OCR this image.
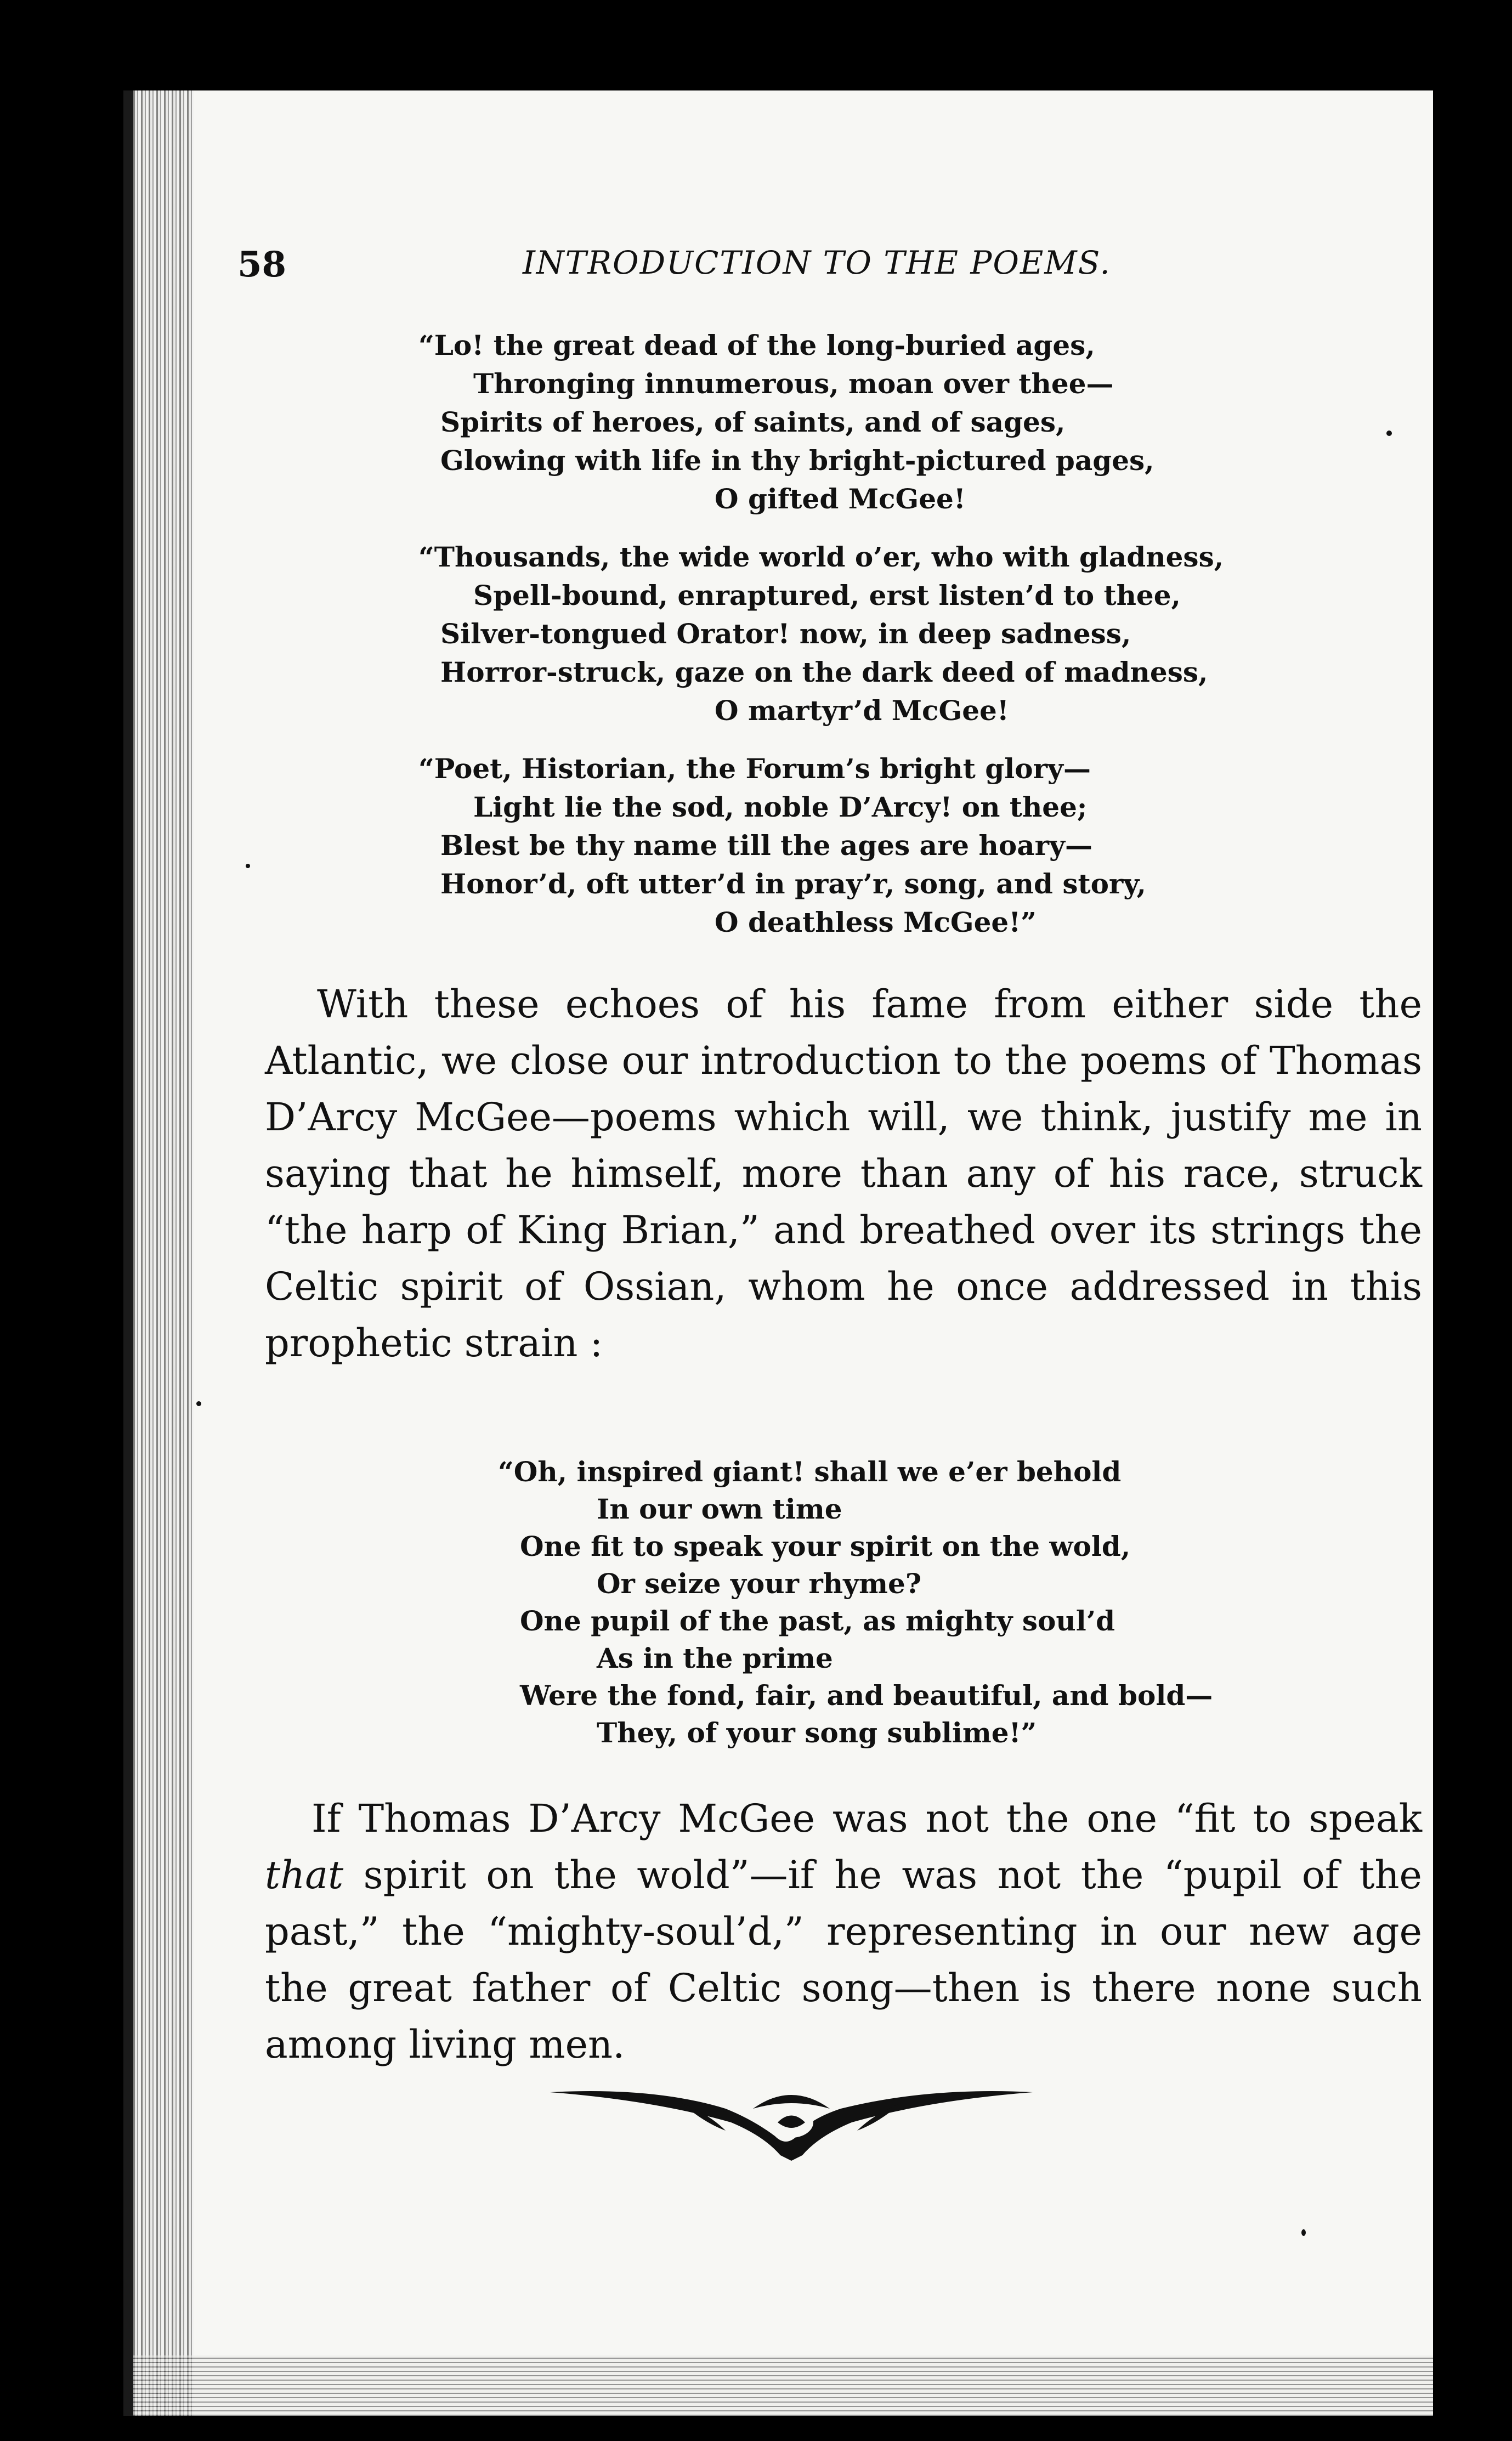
58	INTRODUCTION TO THE POEMS.
“Lo! the great dead of the long-buried ages,
Thronging innumerous, moan over thee—
Spirits of heroes, of saints, and of sages,
Glowing with life in thy bright-pictured pages,
O gifted McGee!
“Thousands, the wide world o’er, who with gladness,
Spell-bound, enraptured, erst listen’d to thee,
Silver-tongued Orator! now, in deep sadness,
Horror-struck, gaze on the dark deed of madness,
O martyr’d McGee!
“Poet, Historian, the Forum’s bright glory—
Light lie the sod, noble D’Arcy! on thee;
Blest be thy name till the ages are hoary—
Honor’d, oft utter’d in pray’r, song, and story,
O deathless McGee!”

With these echoes of his fame from either side the Atlantic, we close our introduction to the poems of Thomas D’Arcy McGee—poems which will, we think, justify me in saying that he himself, more than any of his race, struck “the harp of King Brian,” and breathed over its strings the Celtic spirit of Ossian, whom he once addressed in this prophetic strain :

“Oh, inspired giant! shall we e’er behold
In our own time
One fit to speak your spirit on the wold,
Or seize your rhyme?
One pupil of the past, as mighty soul’d
As in the prime
Were the fond, fair, and beautiful, and bold—
They, of your song sublime!”

If Thomas D’Arcy McGee was not the one “fit to speak that spirit on the wold”—if he was not the “pupil of the past,” the “mighty-soul’d,” representing in our new age the great father of Celtic song—then is there none such among living men.
